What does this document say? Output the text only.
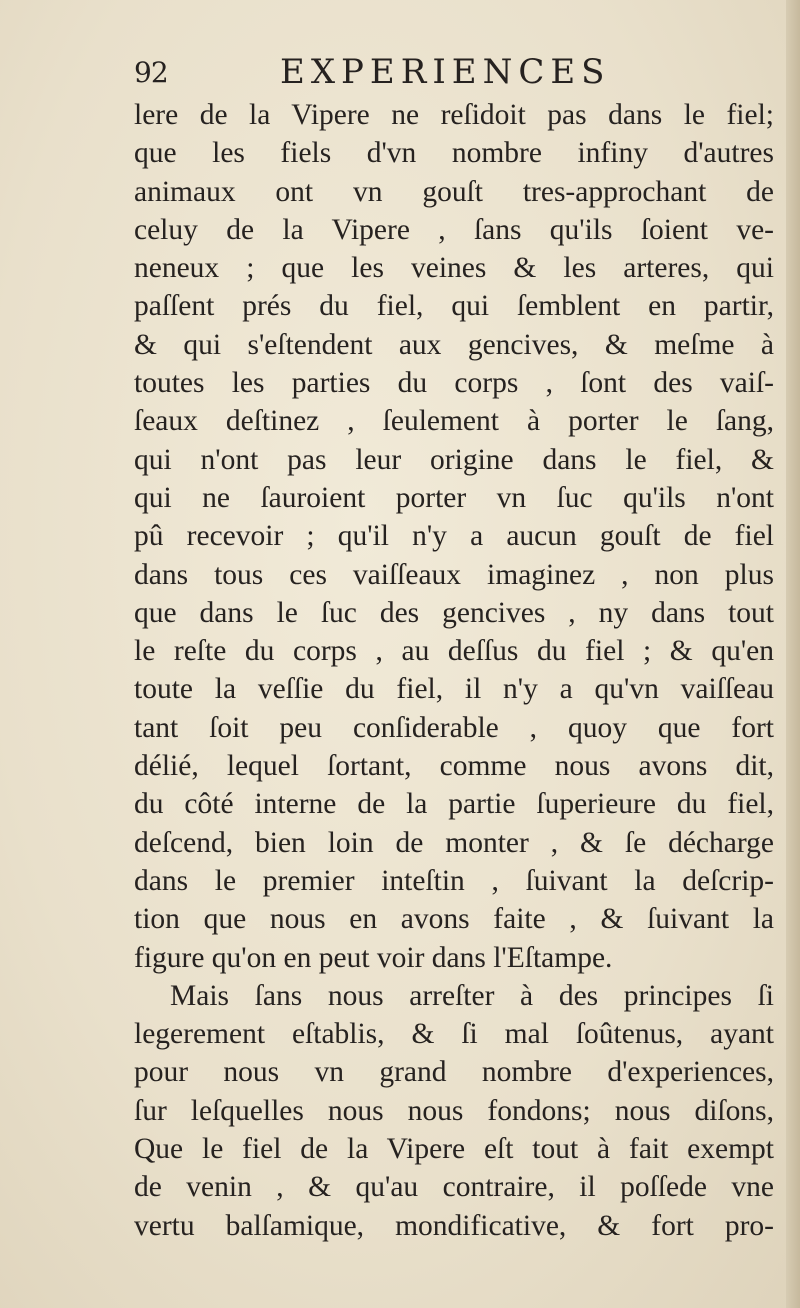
92	EXPERIENCES
lere de la Vipere ne reſidoit pas dans le fiel;
que les fiels d'vn nombre infiny d'autres
animaux ont vn gouſt tres-approchant de
celuy de la Vipere , ſans qu'ils ſoient ve-
neneux ; que les veines & les arteres, qui
paſſent prés du fiel, qui ſemblent en partir,
& qui s'eſtendent aux gencives, & meſme à
toutes les parties du corps , ſont des vaiſ-
ſeaux deſtinez , ſeulement à porter le ſang,
qui n'ont pas leur origine dans le fiel, &
qui ne ſauroient porter vn ſuc qu'ils n'ont
pû recevoir ; qu'il n'y a aucun gouſt de fiel
dans tous ces vaiſſeaux imaginez , non plus
que dans le ſuc des gencives , ny dans tout
le reſte du corps , au deſſus du fiel ; & qu'en
toute la veſſie du fiel, il n'y a qu'vn vaiſſeau
tant ſoit peu conſiderable , quoy que fort
délié, lequel ſortant, comme nous avons dit,
du côté interne de la partie ſuperieure du fiel,
deſcend, bien loin de monter , & ſe décharge
dans le premier inteſtin , ſuivant la deſcrip-
tion que nous en avons faite , & ſuivant la
figure qu'on en peut voir dans l'Eſtampe.
Mais ſans nous arreſter à des principes ſi
legerement eſtablis, & ſi mal ſoûtenus, ayant
pour nous vn grand nombre d'experiences,
ſur leſquelles nous nous fondons; nous diſons,
Que le fiel de la Vipere eſt tout à fait exempt
de venin , & qu'au contraire, il poſſede vne
vertu balſamique, mondificative, & fort pro-
